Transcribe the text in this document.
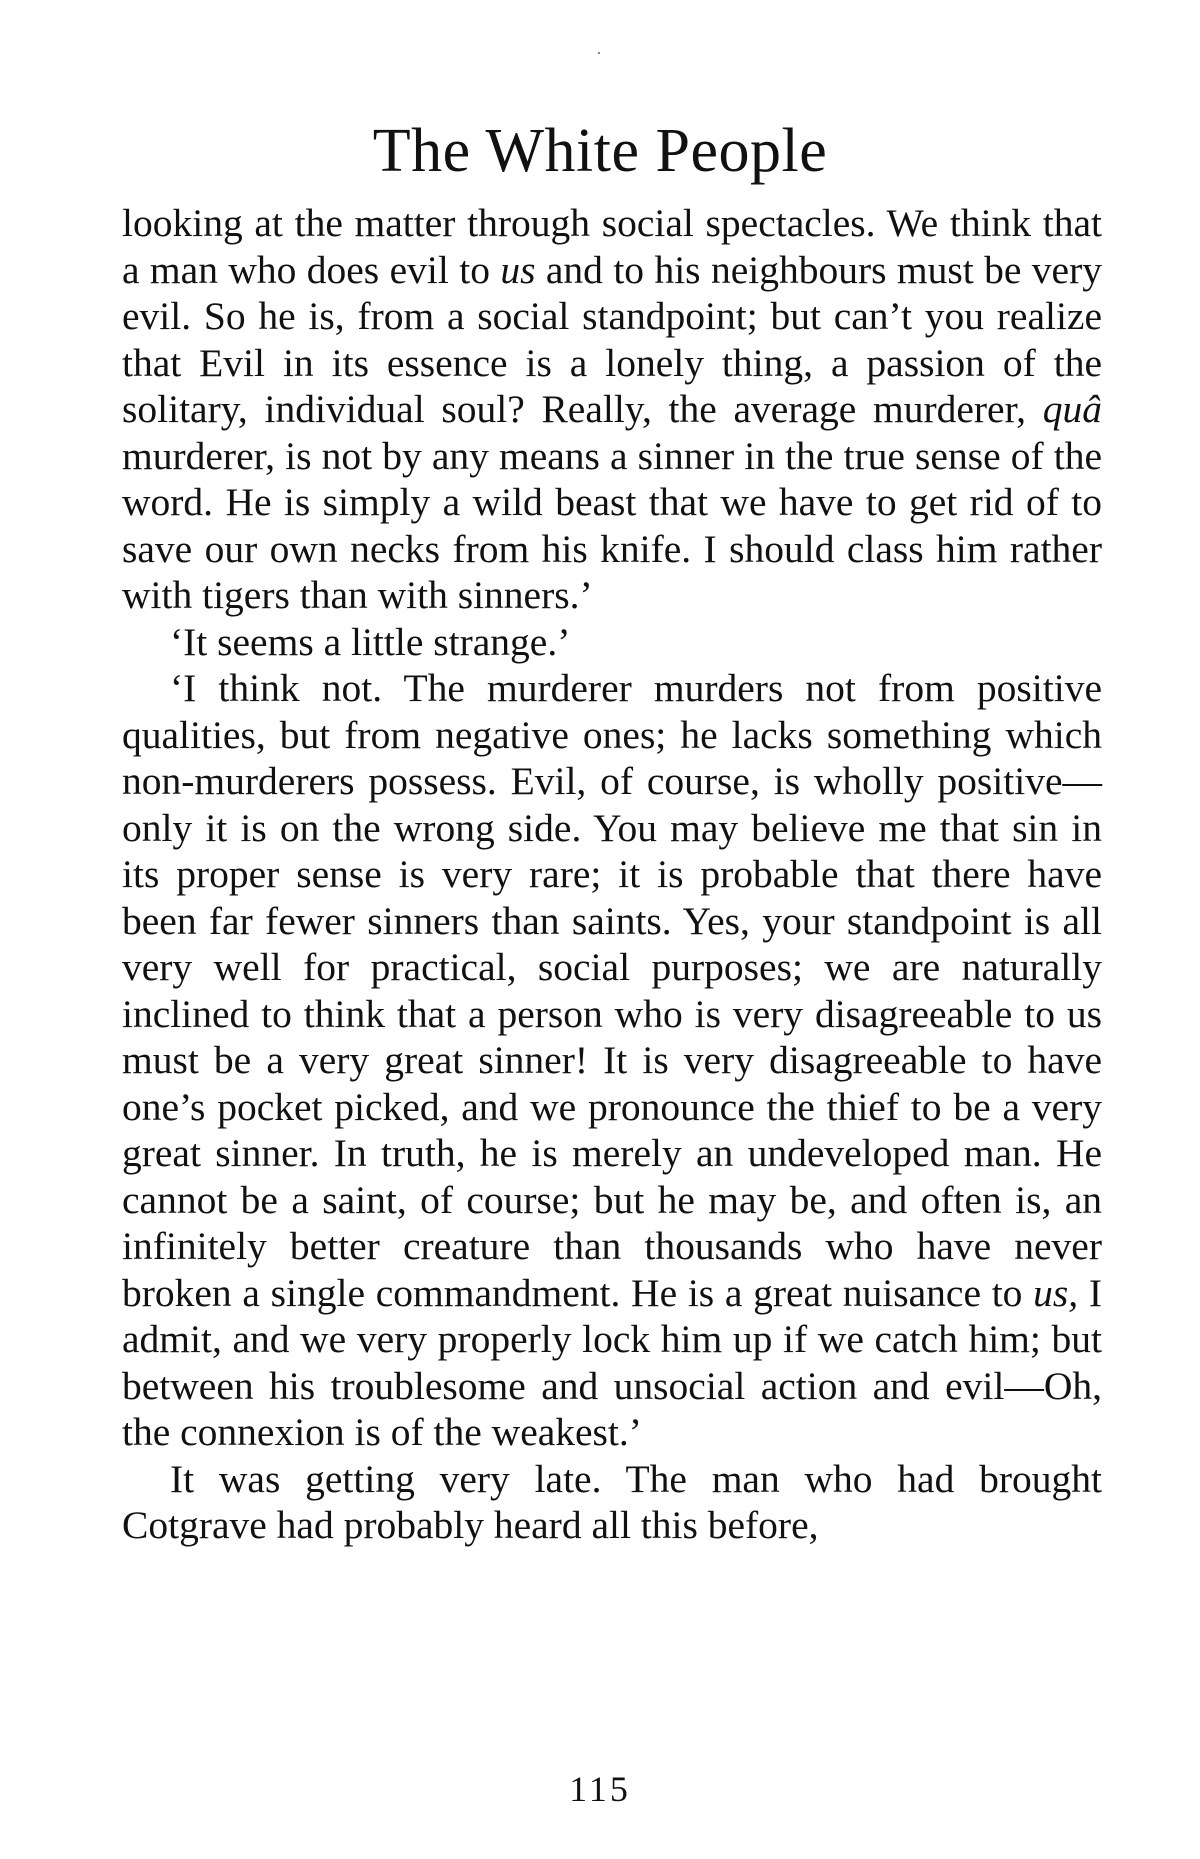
The White People

looking at the matter through social spectacles. We think that a man who does evil to us and to his neighbours must be very evil. So he is, from a social standpoint; but can’t you realize that Evil in its essence is a lonely thing, a passion of the solitary, individual soul? Really, the average murderer, quâ murderer, is not by any means a sinner in the true sense of the word. He is simply a wild beast that we have to get rid of to save our own necks from his knife. I should class him rather with tigers than with sinners.’

‘It seems a little strange.’

‘I think not. The murderer murders not from positive qualities, but from negative ones; he lacks something which non-murderers possess. Evil, of course, is wholly positive—only it is on the wrong side. You may believe me that sin in its proper sense is very rare; it is probable that there have been far fewer sinners than saints. Yes, your standpoint is all very well for practical, social purposes; we are naturally inclined to think that a person who is very disagreeable to us must be a very great sinner! It is very disagreeable to have one’s pocket picked, and we pronounce the thief to be a very great sinner. In truth, he is merely an undeveloped man. He cannot be a saint, of course; but he may be, and often is, an infinitely better creature than thousands who have never broken a single commandment. He is a great nuisance to us, I admit, and we very properly lock him up if we catch him; but between his troublesome and unsocial action and evil—Oh, the connexion is of the weakest.’

It was getting very late. The man who had brought Cotgrave had probably heard all this before,

115
